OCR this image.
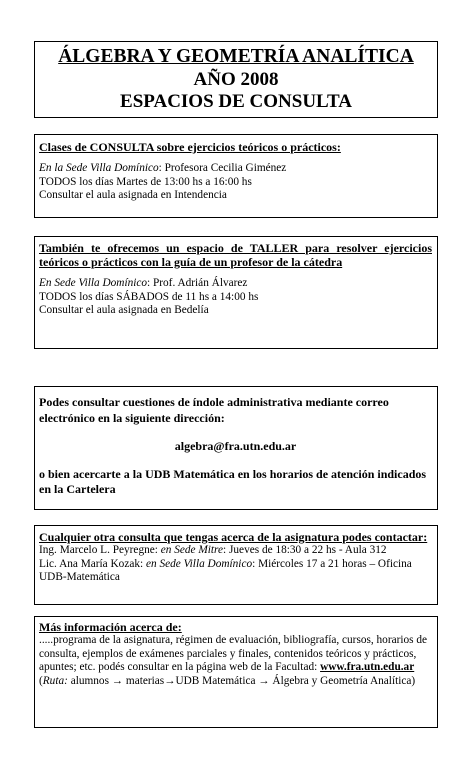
ÁLGEBRA Y GEOMETRÍA ANALÍTICA
AÑO 2008
ESPACIOS DE CONSULTA
Clases de CONSULTA sobre ejercicios teóricos o prácticos:
En la Sede Villa Domínico: Profesora Cecilia Giménez
TODOS los días Martes de 13:00 hs a 16:00 hs
Consultar el aula asignada en Intendencia
También te ofrecemos un espacio de TALLER para resolver ejercicios teóricos o prácticos con la guía de un profesor de la cátedra
En Sede Villa Domínico: Prof. Adrián Álvarez
TODOS los días SÁBADOS de 11 hs a 14:00 hs
Consultar el aula asignada en Bedelía
Podes consultar cuestiones de índole administrativa mediante correo electrónico en la siguiente dirección:
algebra@fra.utn.edu.ar
o bien acercarte a la UDB Matemática en los horarios de atención indicados en la Cartelera
Cualquier otra consulta que tengas acerca de la asignatura podes contactar:
Ing. Marcelo L. Peyregne: en Sede Mitre: Jueves de 18:30 a 22 hs - Aula 312
Lic. Ana María Kozak: en Sede Villa Domínico: Miércoles 17 a 21 horas – Oficina UDB-Matemática
Más información acerca de:
.....programa de la asignatura, régimen de evaluación, bibliografía, cursos, horarios de consulta, ejemplos de exámenes parciales y finales, contenidos teóricos y prácticos, apuntes; etc. podés consultar en la página web de la Facultad: www.fra.utn.edu.ar
(Ruta: alumnos → materias→UDB Matemática → Álgebra y Geometría Analítica)
